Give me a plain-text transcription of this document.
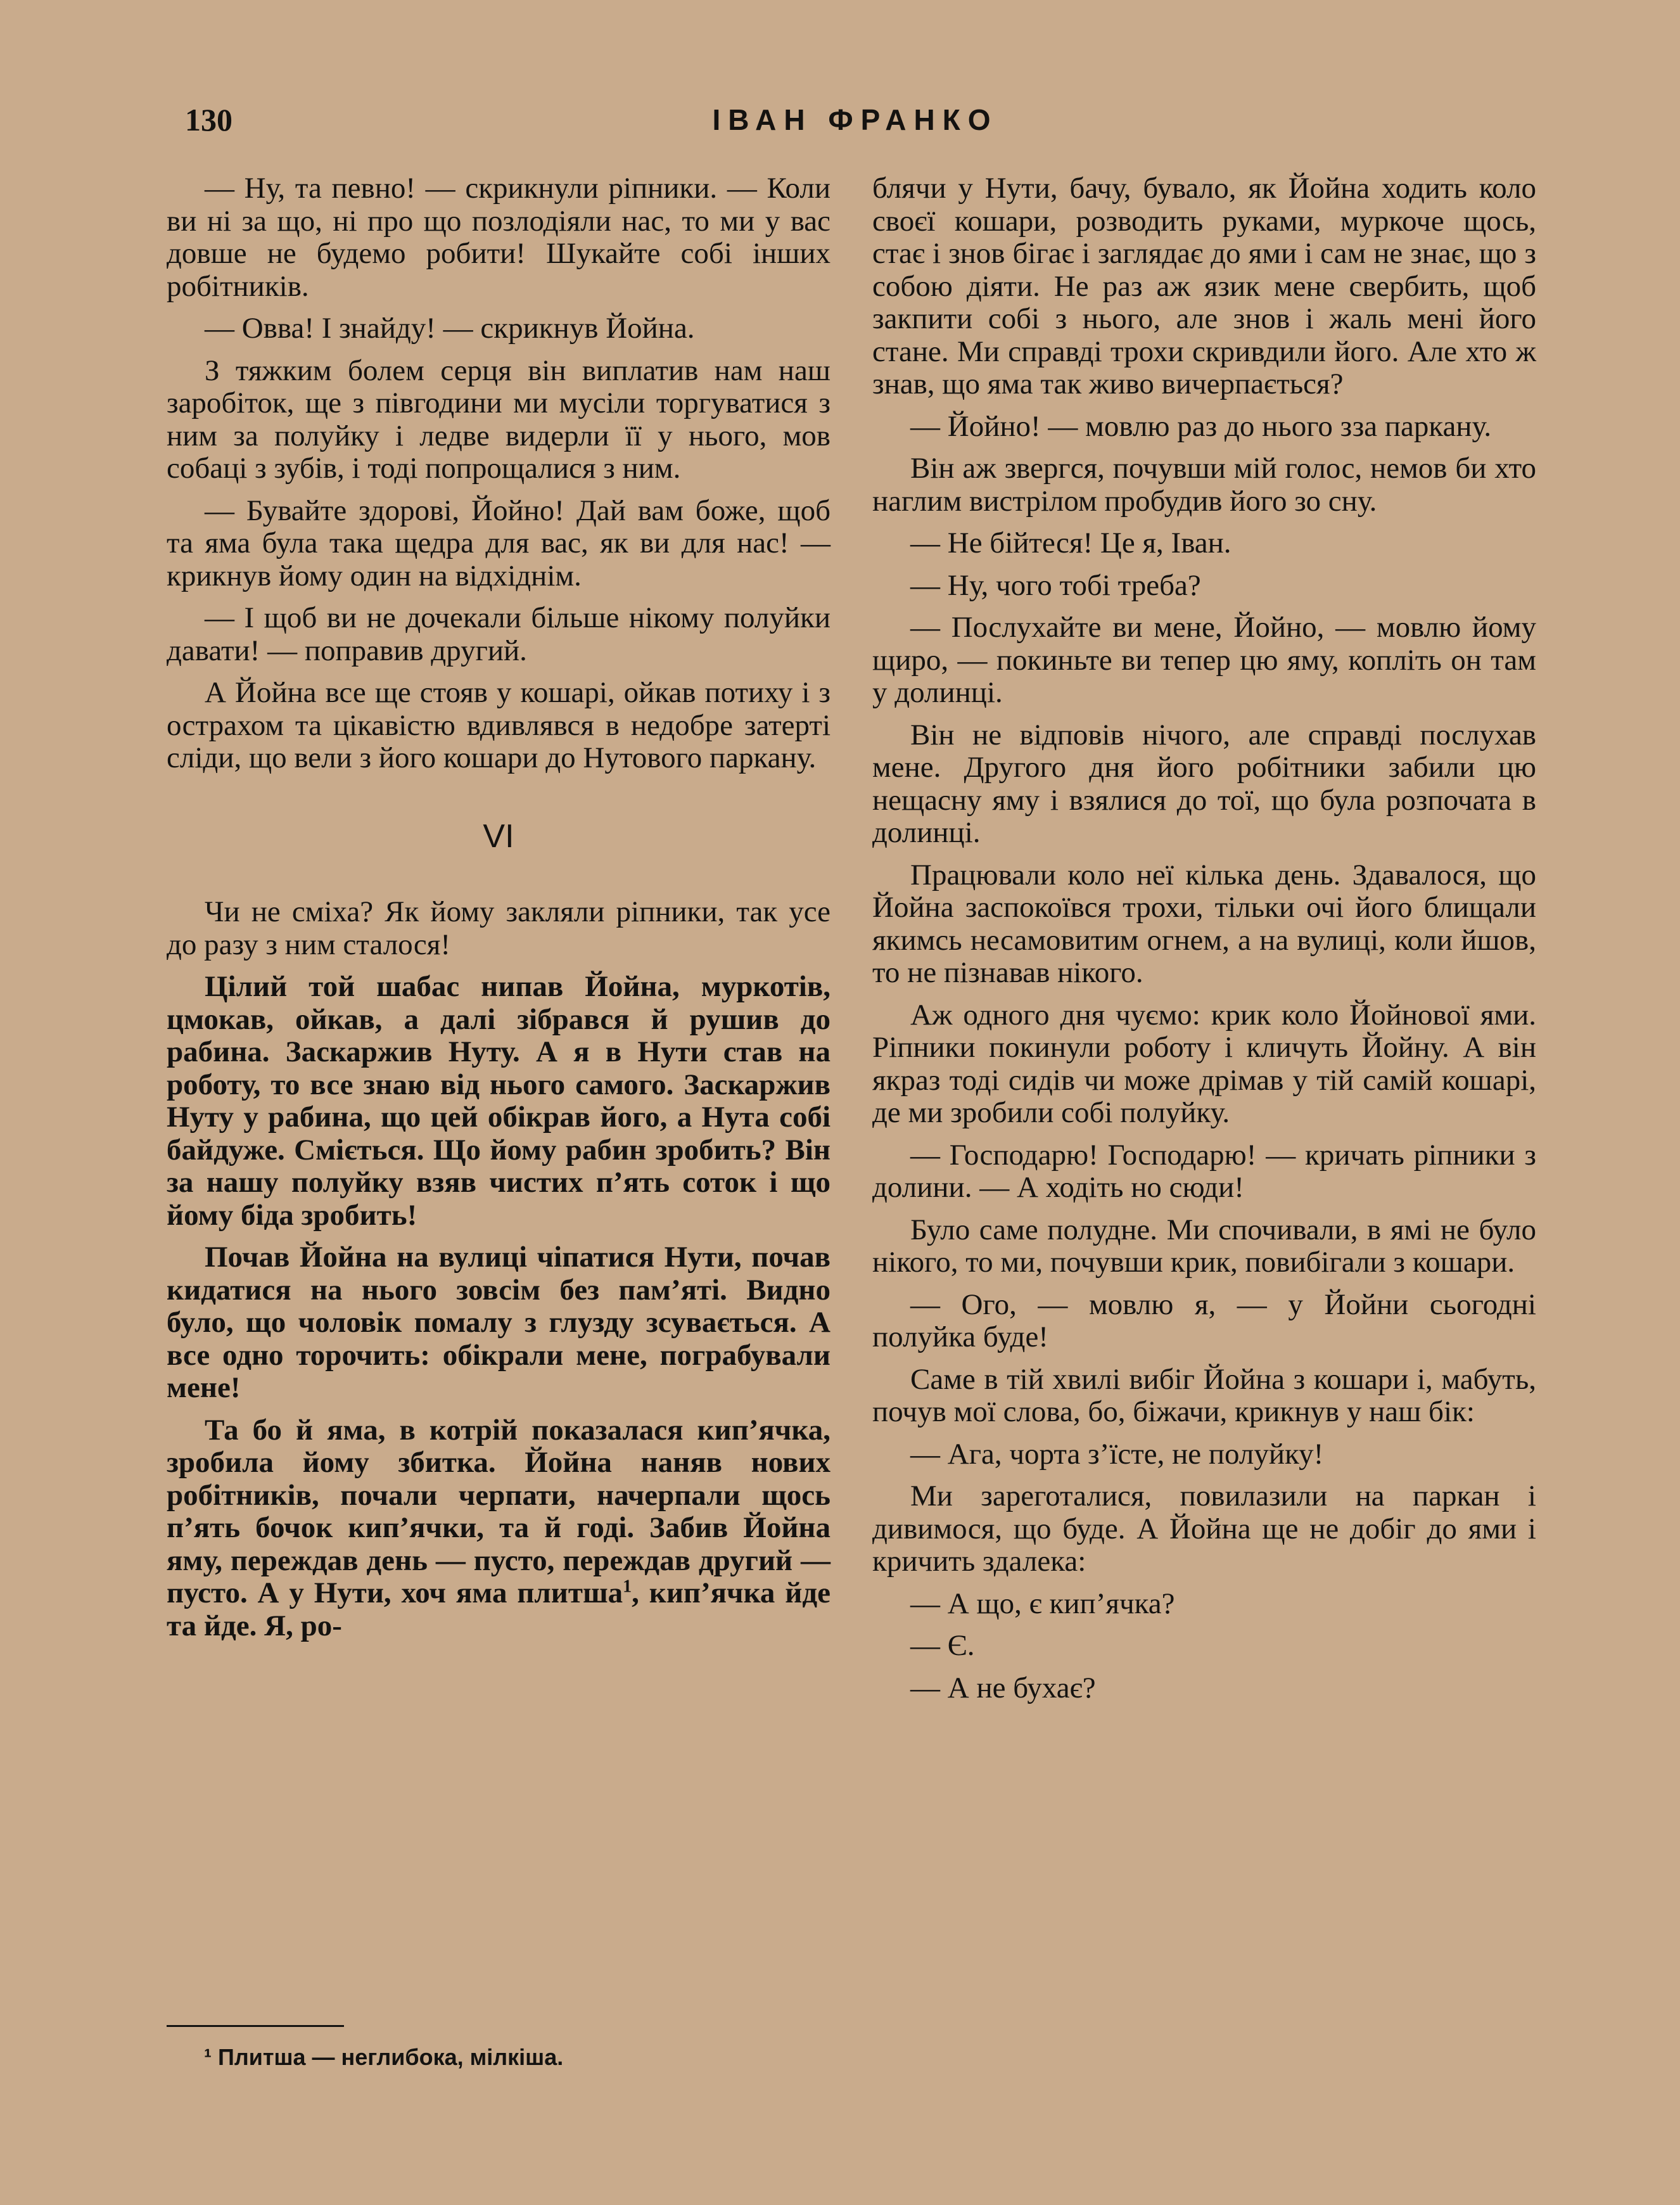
130	ІВАН ФРАНКО

— Ну, та певно! — скрикнули ріпники. — Коли ви ні за що, ні про що позлодіяли нас, то ми у вас довше не будемо робити! Шукайте собі інших робітників.

— Овва! І знайду! — скрикнув Йойна.

З тяжким болем серця він виплатив нам наш заробіток, ще з півгодини ми мусіли торгуватися з ним за полуйку і ледве видерли її у нього, мов собаці з зубів, і тоді попрощалися з ним.

— Бувайте здорові, Йойно! Дай вам боже, щоб та яма була така щедра для вас, як ви для нас! — крикнув йому один на відхіднім.

— І щоб ви не дочекали більше нікому полуйки давати! — поправив другий.

А Йойна все ще стояв у кошарі, ойкав потиху і з острахом та цікавістю вдивлявся в недобре затерті сліди, що вели з його кошари до Нутового паркану.

VI

Чи не сміха? Як йому закляли ріпники, так усе до разу з ним сталося!

Цілий той шабас нипав Йойна, муркотів, цмокав, ойкав, а далі зібрався й рушив до рабина. Заскаржив Нуту. А я в Нути став на роботу, то все знаю від нього самого. Заскаржив Нуту у рабина, що цей обікрав його, а Нута собі байдуже. Сміється. Що йому рабин зробить? Він за нашу полуйку взяв чистих п’ять соток і що йому біда зробить!

Почав Йойна на вулиці чіпатися Нути, почав кидатися на нього зовсім без пам’яті. Видно було, що чоловік помалу з глузду зсувається. А все одно торочить: обікрали мене, пограбували мене!

Та бо й яма, в котрій показалася кип’ячка, зробила йому збитка. Йойна наняв нових робітників, почали черпати, начерпали щось п’ять бочок кип’ячки, та й годі. Забив Йойна яму, переждав день — пусто, переждав другий — пусто. А у Нути, хоч яма плитша$^1$, кип’ячка йде та йде. Я, ро-

блячи у Нути, бачу, бувало, як Йойна ходить коло своєї кошари, розводить руками, муркоче щось, стає і знов бігає і заглядає до ями і сам не знає, що з собою діяти. Не раз аж язик мене свербить, щоб закпити собі з нього, але знов і жаль мені його стане. Ми справді трохи скривдили його. Але хто ж знав, що яма так живо вичерпається?

— Йойно! — мовлю раз до нього зза паркану.

Він аж звергся, почувши мій голос, немов би хто наглим вистрілом пробудив його зо сну.

— Не бійтеся! Це я, Іван.

— Ну, чого тобі треба?

— Послухайте ви мене, Йойно, — мовлю йому щиро, — покиньте ви тепер цю яму, копліть он там у долинці.

Він не відповів нічого, але справді послухав мене. Другого дня його робітники забили цю нещасну яму і взялися до тої, що була розпочата в долинці.

Працювали коло неї кілька день. Здавалося, що Йойна заспокоївся трохи, тільки очі його блищали якимсь несамовитим огнем, а на вулиці, коли йшов, то не пізнавав нікого.

Аж одного дня чуємо: крик коло Йойнової ями. Ріпники покинули роботу і кличуть Йойну. А він якраз тоді сидів чи може дрімав у тій самій кошарі, де ми зробили собі полуйку.

— Господарю! Господарю! — кричать ріпники з долини. — А ходіть но сюди!

Було саме полудне. Ми спочивали, в ямі не було нікого, то ми, почувши крик, повибігали з кошари.

— Ого, — мовлю я, — у Йойни сьогодні полуйка буде!

Саме в тій хвилі вибіг Йойна з кошари і, мабуть, почув мої слова, бо, біжачи, крикнув у наш бік:

— Ага, чорта з’їсте, не полуйку!

Ми зареготалися, повилазили на паркан і дивимося, що буде. А Йойна ще не добіг до ями і кричить здалека:

— А що, є кип’ячка?

— Є.

— А не бухає?

¹ Плитша — неглибока, мілкіша.
